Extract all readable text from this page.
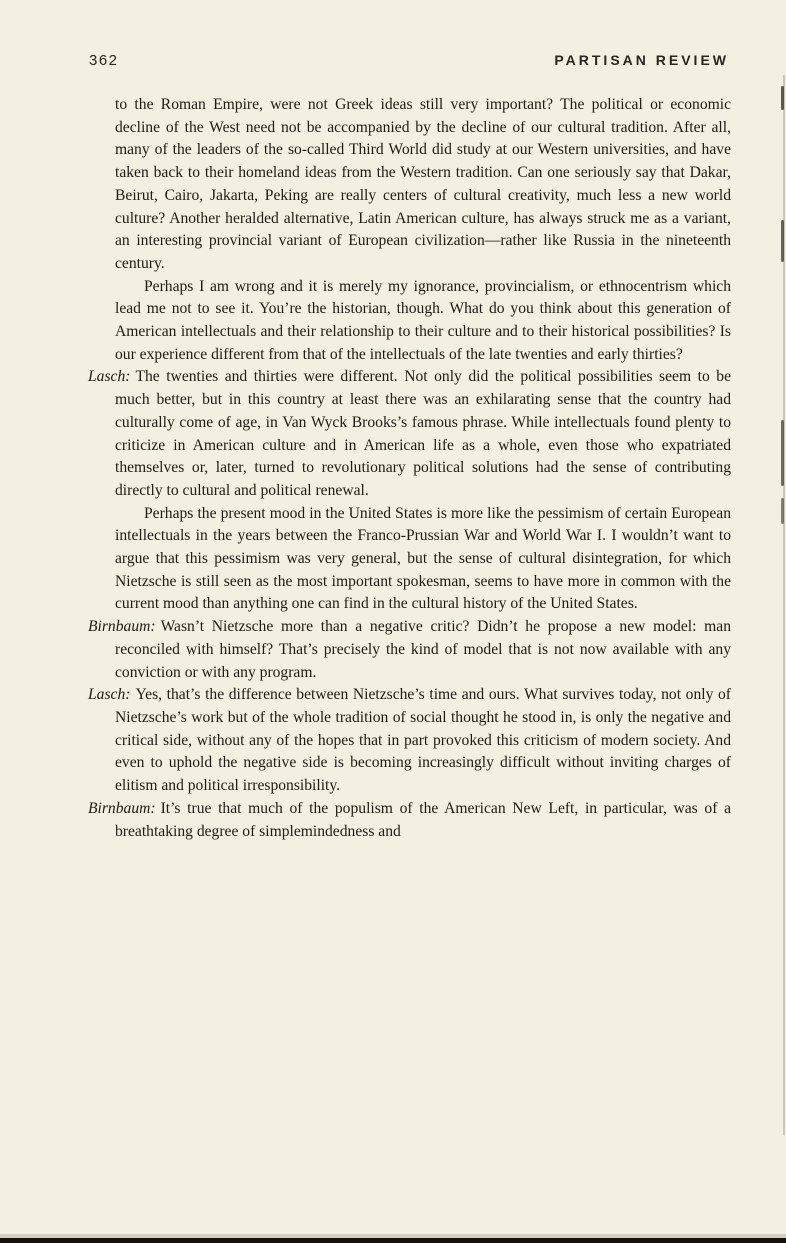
362	PARTISAN REVIEW

to the Roman Empire, were not Greek ideas still very important? The political or economic decline of the West need not be accompanied by the decline of our cultural tradition. After all, many of the leaders of the so-called Third World did study at our Western universities, and have taken back to their homeland ideas from the Western tradition. Can one seriously say that Dakar, Beirut, Cairo, Jakarta, Peking are really centers of cultural creativity, much less a new world culture? Another heralded alternative, Latin American culture, has always struck me as a variant, an interesting provincial variant of European civilization—rather like Russia in the nineteenth century.

Perhaps I am wrong and it is merely my ignorance, provincialism, or ethnocentrism which lead me not to see it. You’re the historian, though. What do you think about this generation of American intellectuals and their relationship to their culture and to their historical possibilities? Is our experience different from that of the intellectuals of the late twenties and early thirties?

Lasch: The twenties and thirties were different. Not only did the political possibilities seem to be much better, but in this country at least there was an exhilarating sense that the country had culturally come of age, in Van Wyck Brooks’s famous phrase. While intellectuals found plenty to criticize in American culture and in American life as a whole, even those who expatriated themselves or, later, turned to revolutionary political solutions had the sense of contributing directly to cultural and political renewal.

Perhaps the present mood in the United States is more like the pessimism of certain European intellectuals in the years between the Franco-Prussian War and World War I. I wouldn’t want to argue that this pessimism was very general, but the sense of cultural disintegration, for which Nietzsche is still seen as the most important spokesman, seems to have more in common with the current mood than anything one can find in the cultural history of the United States.

Birnbaum: Wasn’t Nietzsche more than a negative critic? Didn’t he propose a new model: man reconciled with himself? That’s precisely the kind of model that is not now available with any conviction or with any program.

Lasch: Yes, that’s the difference between Nietzsche’s time and ours. What survives today, not only of Nietzsche’s work but of the whole tradition of social thought he stood in, is only the negative and critical side, without any of the hopes that in part provoked this criticism of modern society. And even to uphold the negative side is becoming increasingly difficult without inviting charges of elitism and political irresponsibility.

Birnbaum: It’s true that much of the populism of the American New Left, in particular, was of a breathtaking degree of simplemindedness and
